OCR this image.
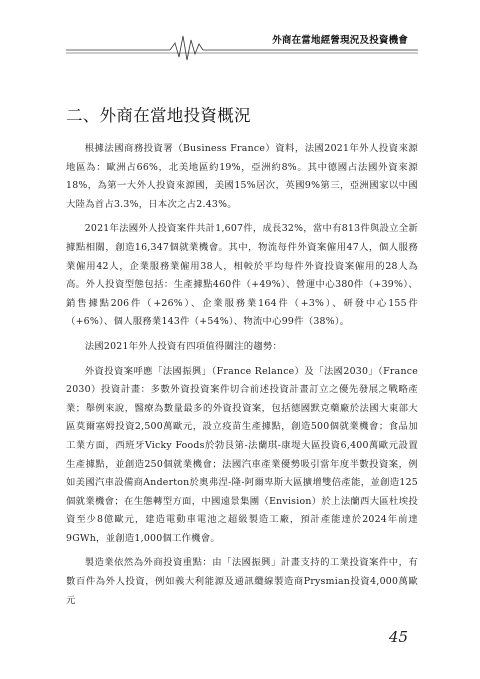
外商在當地經營現況及投資機會
二、外商在當地投資概況

根據法國商務投資署（Business France）資料，法國2021年外人投資來源地區為：歐洲占66%，北美地區約19%，亞洲約8%。其中德國占法國外資來源18%，為第一大外人投資來源國，美國15%居次，英國9%第三，亞洲國家以中國大陸為首占3.3%，日本次之占2.43%。

2021年法國外人投資案件共計1,607件，成長32%，當中有813件與設立全新據點相關，創造16,347個就業機會。其中，物流每件外資案僱用47人，個人服務業僱用42人，企業服務業僱用38人，相較於平均每件外資投資案僱用的28人為高。外人投資型態包括：生產據點460件（+49%）、營運中心380件（+39%）、銷售據點206件（+26%）、企業服務業164件（+3%）、研發中心155件（+6%）、個人服務業143件（+54%）、物流中心99件（38%）。

法國2021年外人投資有四項值得關注的趨勢：

外資投資案呼應「法國振興」（France Relance）及「法國2030」（France 2030）投資計畫：多數外資投資案件切合前述投資計畫訂立之優先發展之戰略產業；舉例來說，醫療為數量最多的外資投資案，包括德國默克藥廠於法國大東部大區莫爾塞姆投資2,500萬歐元，設立疫苗生產據點，創造500個就業機會；食品加工業方面，西班牙Vicky Foods於勃艮第-法蘭琪-康堤大區投資6,400萬歐元設置生產據點，並創造250個就業機會；法國汽車產業優勢吸引當年度半數投資案，例如美國汽車設備商Anderton於奧弗涅-隆-阿爾卑斯大區擴增雙倍產能，並創造125個就業機會；在生態轉型方面，中國遠景集團（Envision）於上法蘭西大區杜埃投資至少8億歐元，建造電動車電池之超級製造工廠，預計產能達於2024年前達9GWh，並創造1,000個工作機會。

製造業依然為外商投資重點：由「法國振興」計畫支持的工業投資案件中，有數百件為外人投資，例如義大利能源及通訊纜線製造商Prysmian投資4,000萬歐元

45
